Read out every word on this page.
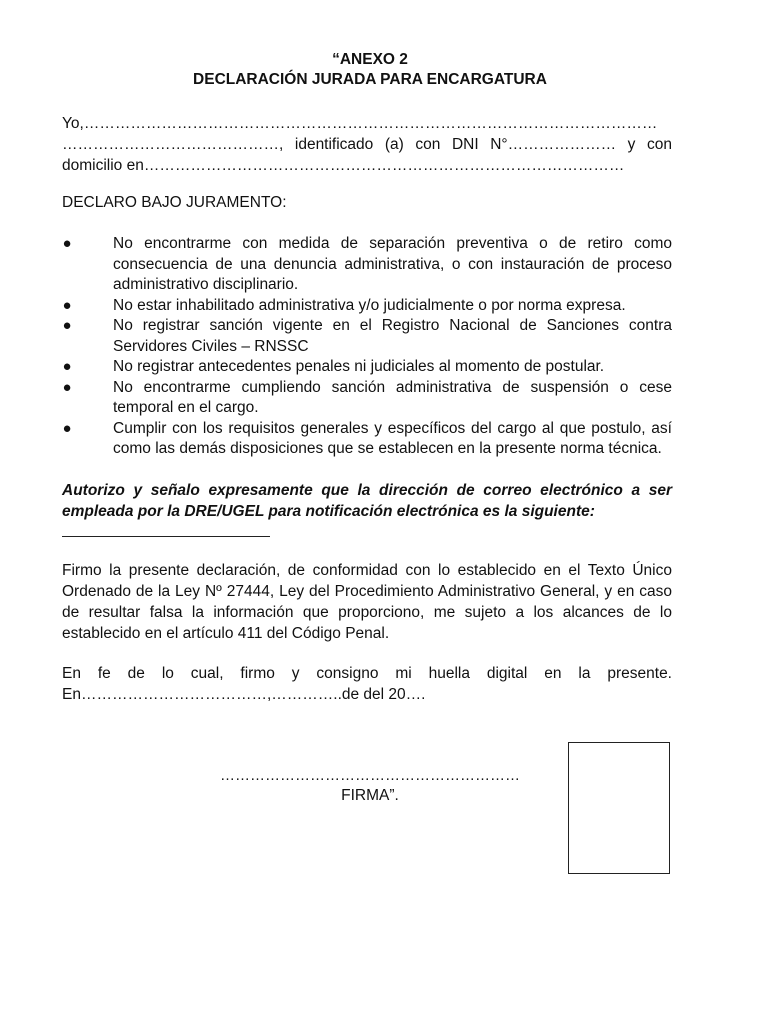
“ANEXO 2
DECLARACIÓN JURADA PARA ENCARGATURA
Yo,…………………………………………………………………………………………………
……………………………………, identificado (a) con DNI N°………………… y con
domicilio en…………………………………………………………………………………
DECLARO BAJO JURAMENTO:
●	No encontrarme con medida de separación preventiva o de retiro como consecuencia de una denuncia administrativa, o con instauración de proceso administrativo disciplinario.
●	No estar inhabilitado administrativa y/o judicialmente o por norma expresa.
●	No registrar sanción vigente en el Registro Nacional de Sanciones contra Servidores Civiles – RNSSC
●	No registrar antecedentes penales ni judiciales al momento de postular.
●	No encontrarme cumpliendo sanción administrativa de suspensión o cese temporal en el cargo.
●	Cumplir con los requisitos generales y específicos del cargo al que postulo, así como las demás disposiciones que se establecen en la presente norma técnica.
Autorizo y señalo expresamente que la dirección de correo electrónico a ser empleada por la DRE/UGEL para notificación electrónica es la siguiente:
Firmo la presente declaración, de conformidad con lo establecido en el Texto Único Ordenado de la Ley Nº 27444, Ley del Procedimiento Administrativo General, y en caso de resultar falsa la información que proporciono, me sujeto a los alcances de lo establecido en el artículo 411 del Código Penal.
En fe de lo cual, firmo y consigno mi huella digital en la presente.
En………………………………,…………..de del 20….
……………………………………………………
FIRMA”.
